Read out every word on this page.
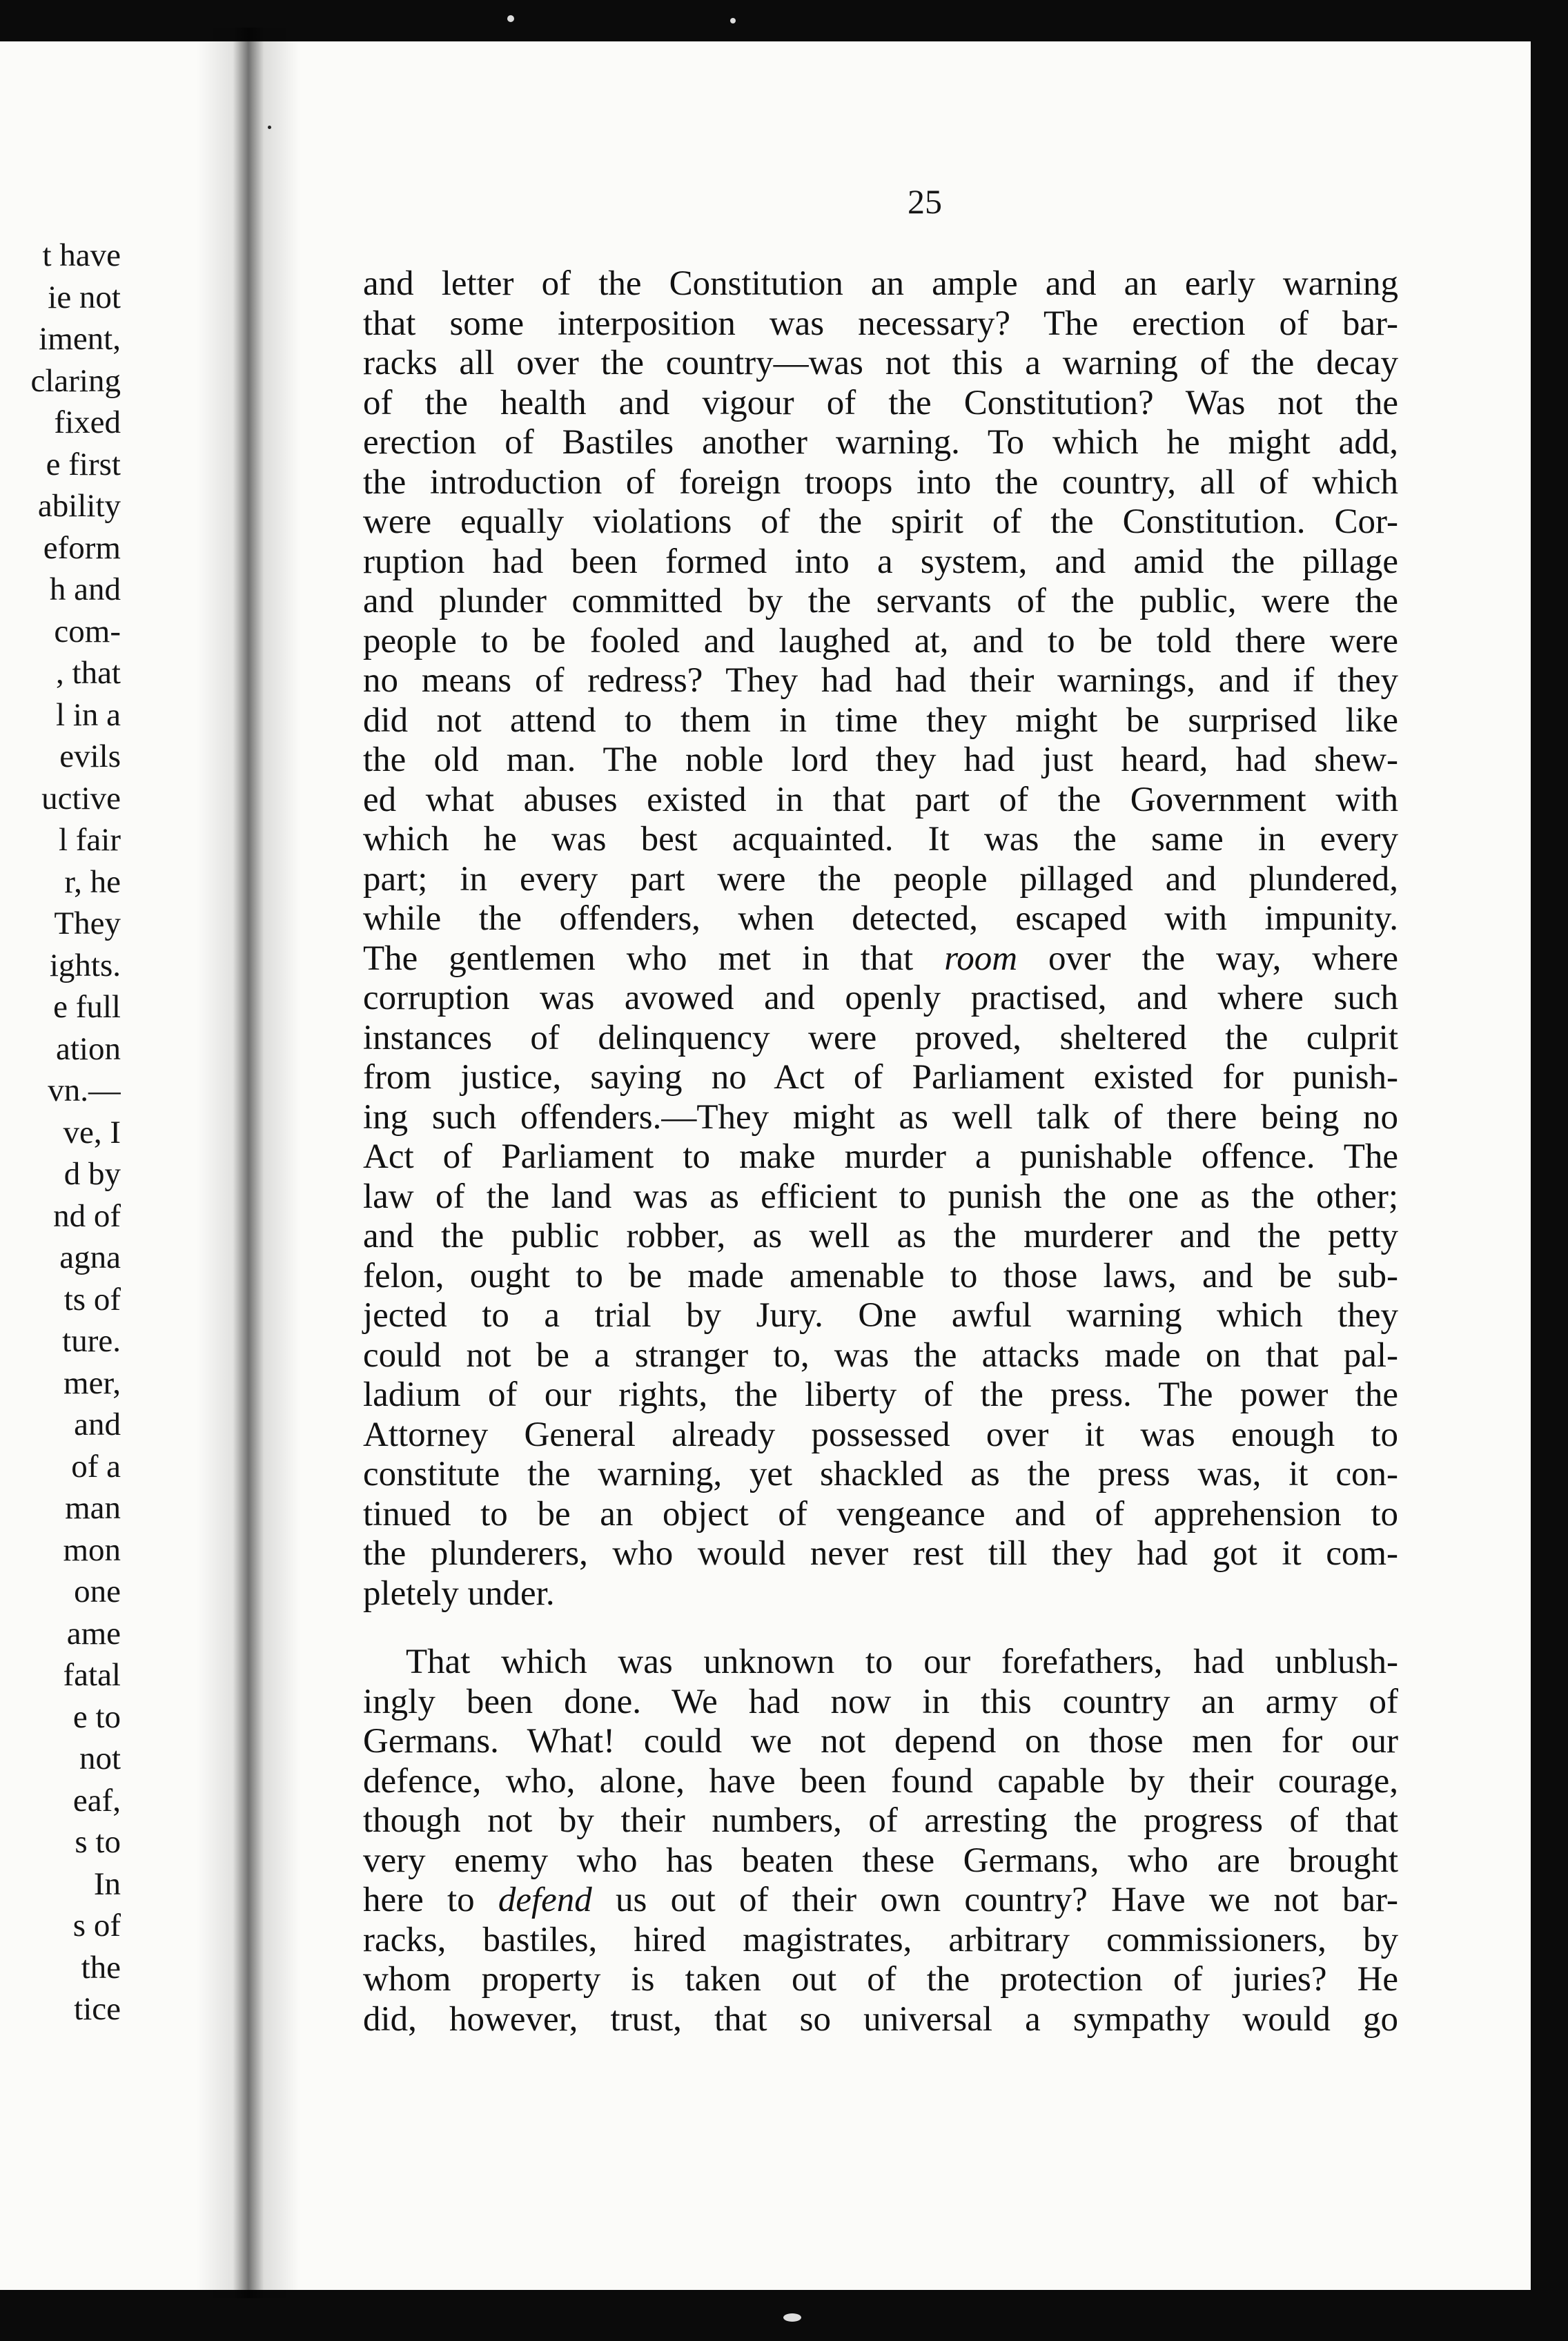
t have
ie not
iment,
claring
fixed
e first
ability
eform
h and
com-
, that
l in a
evils
uctive
l fair
r, he
They
ights.
e full
ation
vn.—
ve, I
d by
nd of
agna
ts of
ture.
mer,
and
of a
man
mon
one
ame
fatal
e to
not
eaf,
s to
In
s of
the
tice
25
and letter of the Constitution an ample and an early warning
that some interposition was necessary? The erection of bar-
racks all over the country—was not this a warning of the decay
of the health and vigour of the Constitution? Was not the
erection of Bastiles another warning. To which he might add,
the introduction of foreign troops into the country, all of which
were equally violations of the spirit of the Constitution. Cor-
ruption had been formed into a system, and amid the pillage
and plunder committed by the servants of the public, were the
people to be fooled and laughed at, and to be told there were
no means of redress? They had had their warnings, and if they
did not attend to them in time they might be surprised like
the old man. The noble lord they had just heard, had shew-
ed what abuses existed in that part of the Government with
which he was best acquainted. It was the same in every
part; in every part were the people pillaged and plundered,
while the offenders, when detected, escaped with impunity.
The gentlemen who met in that room over the way, where
corruption was avowed and openly practised, and where such
instances of delinquency were proved, sheltered the culprit
from justice, saying no Act of Parliament existed for punish-
ing such offenders.—They might as well talk of there being no
Act of Parliament to make murder a punishable offence. The
law of the land was as efficient to punish the one as the other;
and the public robber, as well as the murderer and the petty
felon, ought to be made amenable to those laws, and be sub-
jected to a trial by Jury. One awful warning which they
could not be a stranger to, was the attacks made on that pal-
ladium of our rights, the liberty of the press. The power the
Attorney General already possessed over it was enough to
constitute the warning, yet shackled as the press was, it con-
tinued to be an object of vengeance and of apprehension to
the plunderers, who would never rest till they had got it com-
pletely under.
That which was unknown to our forefathers, had unblush-
ingly been done. We had now in this country an army of
Germans. What! could we not depend on those men for our
defence, who, alone, have been found capable by their courage,
though not by their numbers, of arresting the progress of that
very enemy who has beaten these Germans, who are brought
here to defend us out of their own country? Have we not bar-
racks, bastiles, hired magistrates, arbitrary commissioners, by
whom property is taken out of the protection of juries? He
did, however, trust, that so universal a sympathy would go
